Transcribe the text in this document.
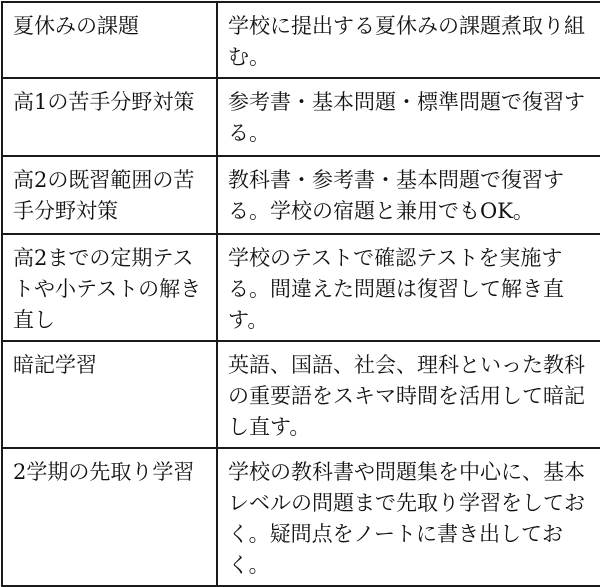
夏休みの課題	学校に提出する夏休みの課題煮取り組む。
高1の苦手分野対策	参考書・基本問題・標準問題で復習する。
高2の既習範囲の苦手分野対策	教科書・参考書・基本問題で復習する。学校の宿題と兼用でもOK。
高2までの定期テストや小テストの解き直し	学校のテストで確認テストを実施する。間違えた問題は復習して解き直す。
暗記学習	英語、国語、社会、理科といった教科の重要語をスキマ時間を活用して暗記し直す。
2学期の先取り学習	学校の教科書や問題集を中心に、基本レベルの問題まで先取り学習をしておく。疑問点をノートに書き出しておく。
